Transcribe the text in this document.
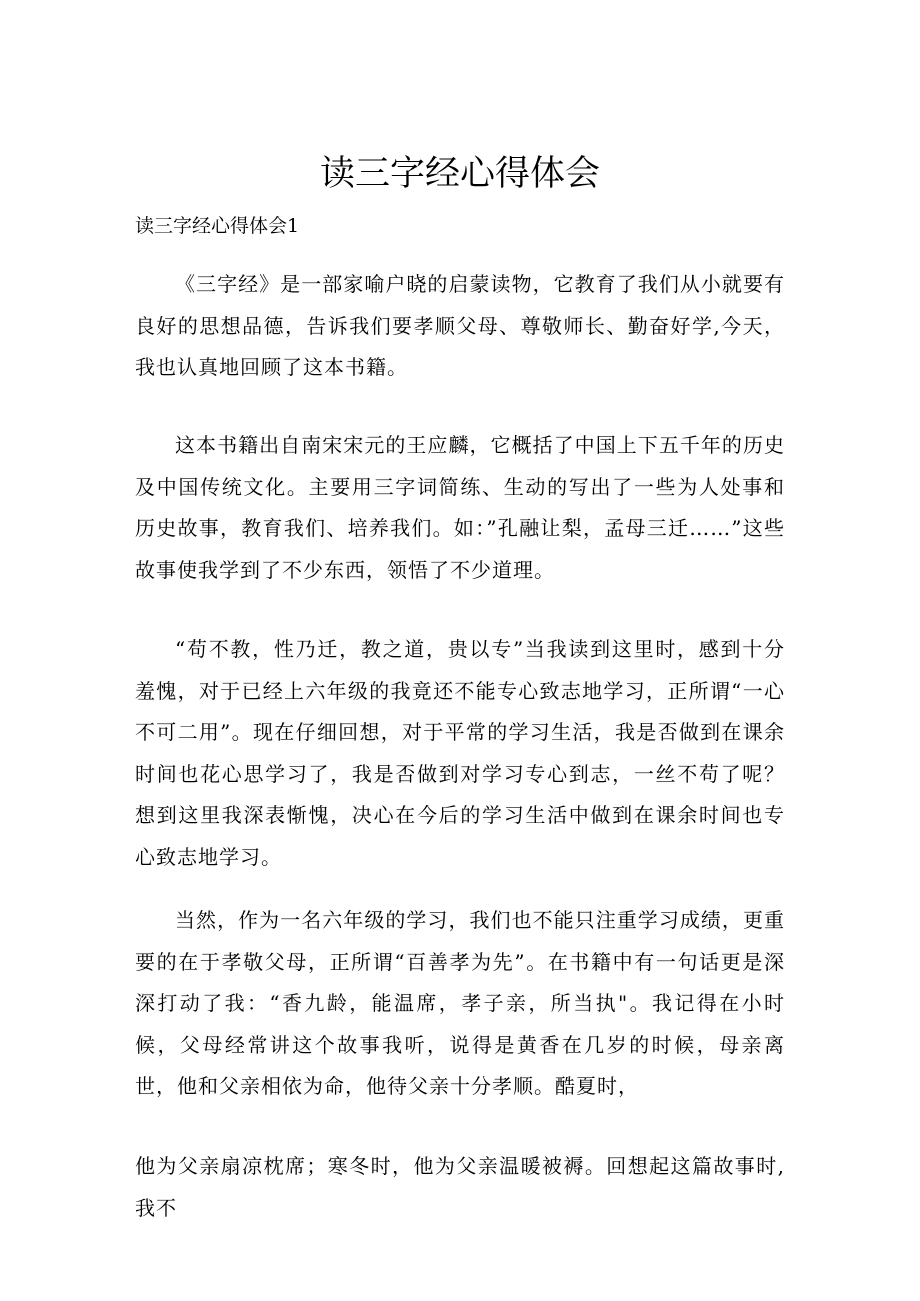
读三字经心得体会
读三字经心得体会1

《三字经》是一部家喻户晓的启蒙读物，它教育了我们从小就要有良好的思想品德，告诉我们要孝顺父母、尊敬师长、勤奋好学,今天，我也认真地回顾了这本书籍。

这本书籍出自南宋宋元的王应麟，它概括了中国上下五千年的历史及中国传统文化。主要用三字词简练、生动的写出了一些为人处事和历史故事，教育我们、培养我们。如：”孔融让梨，孟母三迁……”这些故事使我学到了不少东西，领悟了不少道理。

“苟不教，性乃迁，教之道，贵以专”当我读到这里时，感到十分羞愧，对于已经上六年级的我竟还不能专心致志地学习，正所谓“一心不可二用”。现在仔细回想，对于平常的学习生活，我是否做到在课余时间也花心思学习了，我是否做到对学习专心到志，一丝不苟了呢？想到这里我深表惭愧，决心在今后的学习生活中做到在课余时间也专心致志地学习。

当然，作为一名六年级的学习，我们也不能只注重学习成绩，更重要的在于孝敬父母，正所谓“百善孝为先”。在书籍中有一句话更是深深打动了我：“香九龄，能温席，孝子亲，所当执"。我记得在小时候，父母经常讲这个故事我听，说得是黄香在几岁的时候，母亲离世，他和父亲相依为命，他待父亲十分孝顺。酷夏时，

他为父亲扇凉枕席；寒冬时，他为父亲温暖被褥。回想起这篇故事时,我不
